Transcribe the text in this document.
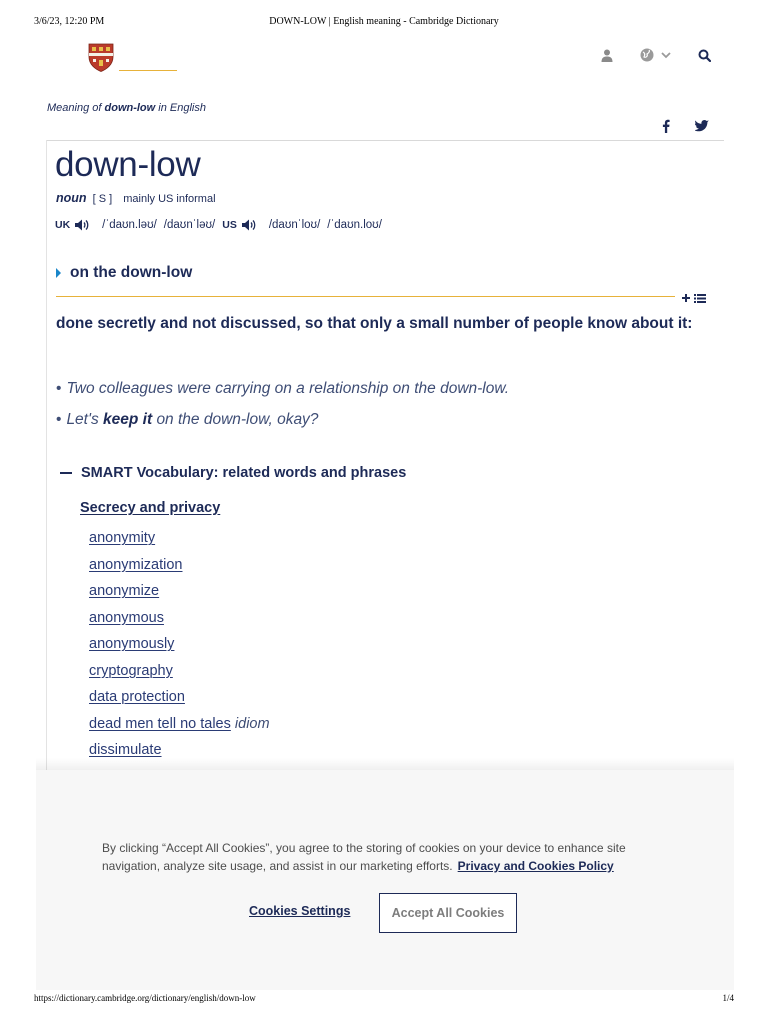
3/6/23, 12:20 PM	DOWN-LOW | English meaning - Cambridge Dictionary
Meaning of down-low in English
down-low
noun [ S ] mainly US informal
UK	/ˈdaʊn.ləʊ/ /daʊnˈləʊ/ US	/daʊnˈloʊ/ /ˈdaʊn.loʊ/
on the down-low
done secretly and not discussed, so that only a small number of people know about it:
• Two colleagues were carrying on a relationship on the down-low.
• Let's keep it on the down-low, okay?
SMART Vocabulary: related words and phrases
Secrecy and privacy
anonymity
anonymization
anonymize
anonymous
anonymously
cryptography
data protection
dead men tell no tales idiom
dissimulate
By clicking “Accept All Cookies”, you agree to the storing of cookies on your device to enhance site navigation, analyze site usage, and assist in our marketing efforts. Privacy and Cookies Policy
Cookies Settings	Accept All Cookies
https://dictionary.cambridge.org/dictionary/english/down-low	1/4
